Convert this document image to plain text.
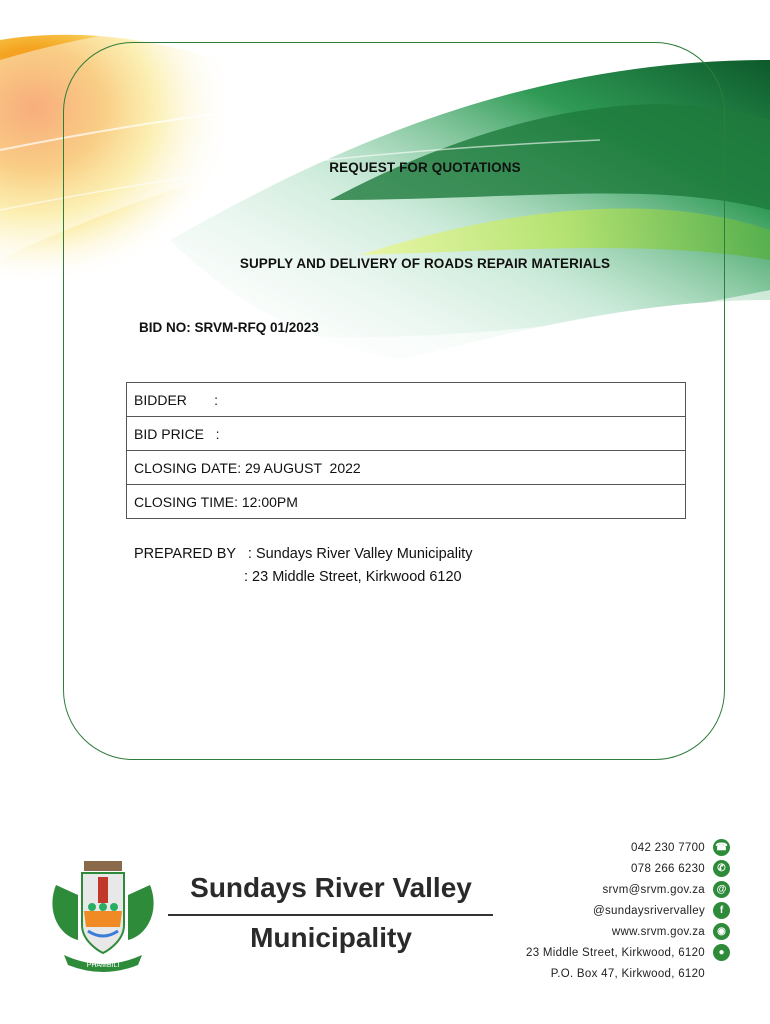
REQUEST FOR QUOTATIONS
SUPPLY AND DELIVERY OF ROADS REPAIR MATERIALS
BID NO: SRVM-RFQ 01/2023
BIDDER       :
BID PRICE   :
CLOSING DATE: 29 AUGUST  2022
CLOSING TIME: 12:00PM
PREPARED BY   : Sundays River Valley Municipality
: 23 Middle Street, Kirkwood 6120
PHAMBILI
Sundays River Valley
Municipality
042 230 7700 ☎
078 266 6230	✆
srvm@srvm.gov.za	@
@sundaysrivervalley	f
www.srvm.gov.za	◉
23 Middle Street, Kirkwood, 6120	●
P.O. Box 47, Kirkwood, 6120
